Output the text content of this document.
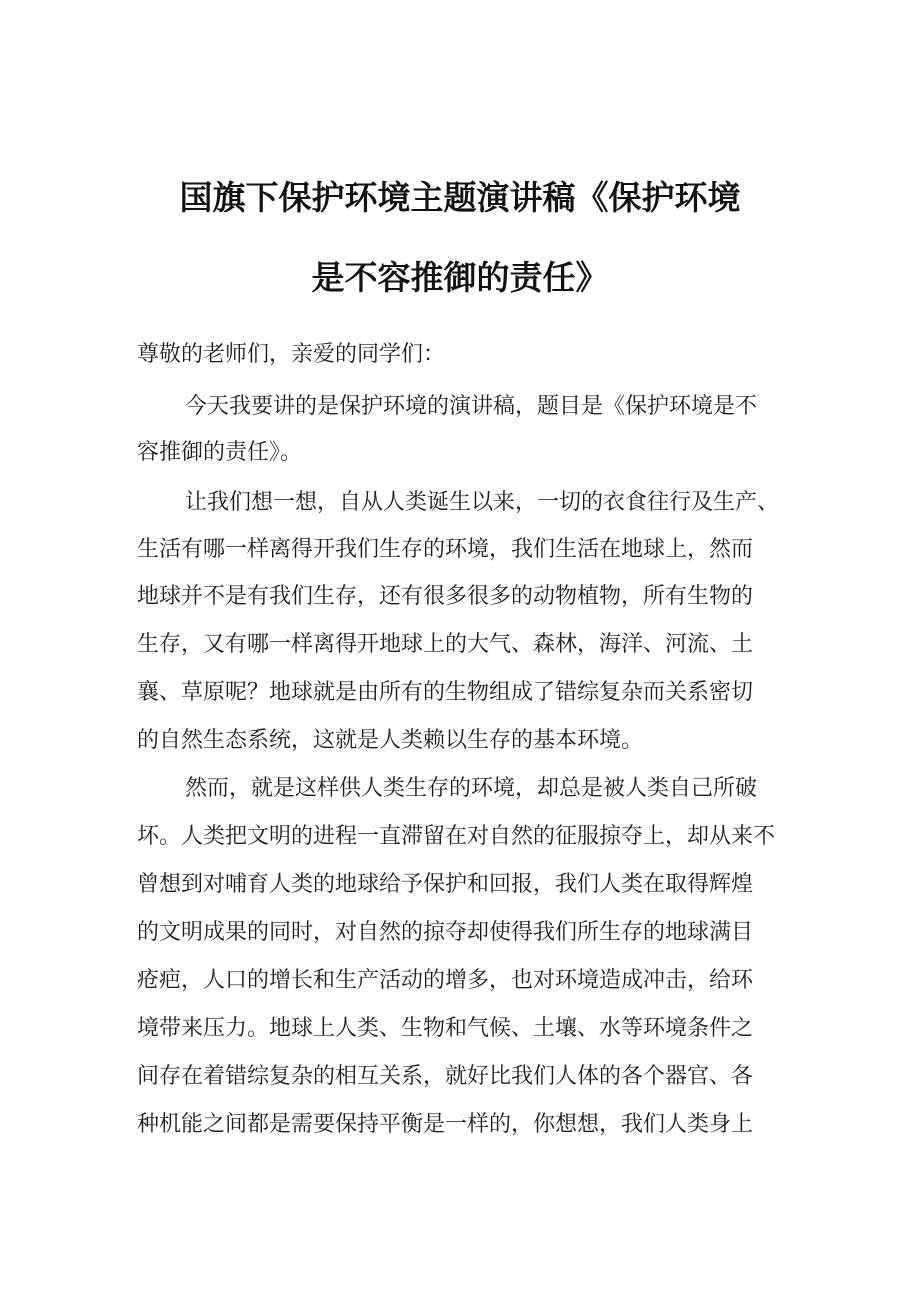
国旗下保护环境主题演讲稿《保护环境
是不容推御的责任》
尊敬的老师们，亲爱的同学们：
今天我要讲的是保护环境的演讲稿，题目是《保护环境是不
容推御的责任》。
让我们想一想，自从人类诞生以来，一切的衣食往行及生产、
生活有哪一样离得开我们生存的环境，我们生活在地球上，然而
地球并不是有我们生存，还有很多很多的动物植物，所有生物的
生存，又有哪一样离得开地球上的大气、森林，海洋、河流、土
襄、草原呢？地球就是由所有的生物组成了错综复杂而关系密切
的自然生态系统，这就是人类赖以生存的基本环境。
然而，就是这样供人类生存的环境，却总是被人类自己所破
坏。人类把文明的进程一直滞留在对自然的征服掠夺上，却从来不
曾想到对哺育人类的地球给予保护和回报，我们人类在取得辉煌
的文明成果的同时，对自然的掠夺却使得我们所生存的地球满目
疮疤，人口的增长和生产活动的增多，也对环境造成冲击，给环
境带来压力。地球上人类、生物和气候、土壤、水等环境条件之
间存在着错综复杂的相互关系，就好比我们人体的各个器官、各
种机能之间都是需要保持平衡是一样的，你想想，我们人类身上
